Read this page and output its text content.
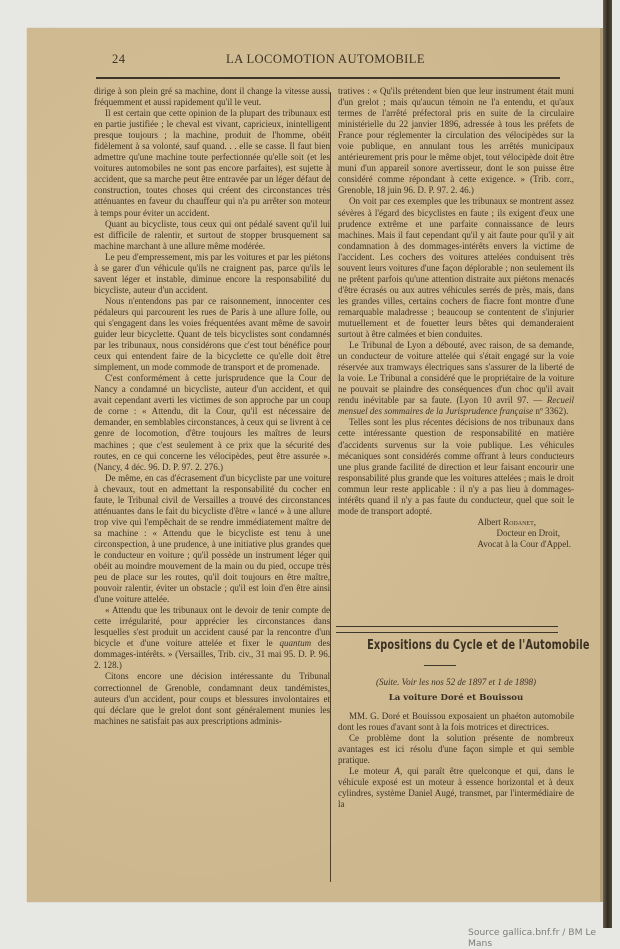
24	LA LOCOMOTION AUTOMOBILE

dirige à son plein gré sa machine, dont il change la vitesse aussi fréquemment et aussi rapidement qu'il le veut.

Il est certain que cette opinion de la plupart des tribunaux est en partie justifiée ; le cheval est vivant, capricieux, inintelligent presque toujours ; la machine, produit de l'homme, obéit fidèlement à sa volonté, sauf quand. . . elle se casse. Il faut bien admettre qu'une machine toute perfectionnée qu'elle soit (et les voitures automobiles ne sont pas encore parfaites), est sujette à accident, que sa marche peut être entravée par un léger défaut de construction, toutes choses qui créent des circonstances très atténuantes en faveur du chauffeur qui n'a pu arrêter son moteur à temps pour éviter un accident.

Quant au bicycliste, tous ceux qui ont pédalé savent qu'il lui est difficile de ralentir, et surtout de stopper brusquement sa machine marchant à une allure même modérée.

Le peu d'empressement, mis par les voitures et par les piétons à se garer d'un véhicule qu'ils ne craignent pas, parce qu'ils le savent léger et instable, diminue encore la responsabilité du bicycliste, auteur d'un accident.

Nous n'entendons pas par ce raisonnement, innocenter ces pédaleurs qui parcourent les rues de Paris à une allure folle, ou qui s'engagent dans les voies fréquentées avant même de savoir guider leur bicyclette. Quant de tels bicyclistes sont condamnés par les tribunaux, nous considérons que c'est tout bénéfice pour ceux qui entendent faire de la bicyclette ce qu'elle doit être simplement, un mode commode de transport et de promenade.

C'est conformément à cette jurisprudence que la Cour de Nancy a condamné un bicycliste, auteur d'un accident, et qui avait cependant averti les victimes de son approche par un coup de corne : « Attendu, dit la Cour, qu'il est nécessaire de demander, en semblables circonstances, à ceux qui se livrent à ce genre de locomotion, d'être toujours les maîtres de leurs machines ; que c'est seulement à ce prix que la sécurité des routes, en ce qui concerne les vélocipèdes, peut être assurée ». (Nancy, 4 déc. 96. D. P. 97. 2. 276.)

De même, en cas d'écrasement d'un bicycliste par une voiture à chevaux, tout en admettant la responsabilité du cocher en faute, le Tribunal civil de Versailles a trouvé des circonstances atténuantes dans le fait du bicycliste d'être « lancé » à une allure trop vive qui l'empêchait de se rendre immédiatement maître de sa machine : « Attendu que le bicycliste est tenu à une circonspection, à une prudence, à une initiative plus grandes que le conducteur en voiture ; qu'il possède un instrument léger qui obéit au moindre mouvement de la main ou du pied, occupe très peu de place sur les routes, qu'il doit toujours en être maître, pouvoir ralentir, éviter un obstacle ; qu'il est loin d'en être ainsi d'une voiture attelée.

« Attendu que les tribunaux ont le devoir de tenir compte de cette irrégularité, pour apprécier les circonstances dans lesquelles s'est produit un accident causé par la rencontre d'un bicycle et d'une voiture attelée et fixer le quantum des dommages-intérêts. » (Versailles, Trib. civ., 31 mai 95. D. P. 96. 2. 128.)

Citons encore une décision intéressante du Tribunal correctionnel de Grenoble, condamnant deux tandémistes, auteurs d'un accident, pour coups et blessures involontaires et qui déclare que le grelot dont sont généralement munies les machines ne satisfait pas aux prescriptions adminis-

tratives : « Qu'ils prétendent bien que leur instrument était muni d'un grelot ; mais qu'aucun témoin ne l'a entendu, et qu'aux termes de l'arrêté préfectoral pris en suite de la circulaire ministérielle du 22 janvier 1896, adressée à tous les préfets de France pour réglementer la circulation des vélocipèdes sur la voie publique, en annulant tous les arrêtés municipaux antérieurement pris pour le même objet, tout vélocipède doit être muni d'un appareil sonore avertisseur, dont le son puisse être considéré comme répondant à cette exigence. » (Trib. corr., Grenoble, 18 juin 96. D. P. 97. 2. 46.)

On voit par ces exemples que les tribunaux se montrent assez sévères à l'égard des bicyclistes en faute ; ils exigent d'eux une prudence extrême et une parfaite connaissance de leurs machines. Mais il faut cependant qu'il y ait faute pour qu'il y ait condamnation à des dommages-intérêts envers la victime de l'accident. Les cochers des voitures attelées conduisent très souvent leurs voitures d'une façon déplorable ; non seulement ils ne prêtent parfois qu'une attention distraite aux piétons menacés d'être écrasés ou aux autres véhicules serrés de près, mais, dans les grandes villes, certains cochers de fiacre font montre d'une remarquable maladresse ; beaucoup se contentent de s'injurier mutuellement et de fouetter leurs bêtes qui demanderaient surtout à être calmées et bien conduites.

Le Tribunal de Lyon a débouté, avec raison, de sa demande, un conducteur de voiture attelée qui s'était engagé sur la voie réservée aux tramways électriques sans s'assurer de la liberté de la voie. Le Tribunal a considéré que le propriétaire de la voiture ne pouvait se plaindre des conséquences d'un choc qu'il avait rendu inévitable par sa faute. (Lyon 10 avril 97. — Recueil mensuel des sommaires de la Jurisprudence française nº 3362).

Telles sont les plus récentes décisions de nos tribunaux dans cette intéressante question de responsabilité en matière d'accidents survenus sur la voie publique. Les véhicules mécaniques sont considérés comme offrant à leurs conducteurs une plus grande facilité de direction et leur faisant encourir une responsabilité plus grande que les voitures attelées ; mais le droit commun leur reste applicable : il n'y a pas lieu à dommages-intérêts quand il n'y a pas faute du conducteur, quel que soit le mode de transport adopté.

Albert Rodanet,

Docteur en Droit,

Avocat à la Cour d'Appel.

Expositions du Cycle et de l'Automobile

(Suite. Voir les nos 52 de 1897 et 1 de 1898)

La voiture Doré et Bouissou

MM. G. Doré et Bouissou exposaient un phaéton automobile dont les roues d'avant sont à la fois motrices et directrices.

Ce problème dont la solution présente de nombreux avantages est ici résolu d'une façon simple et qui semble pratique.

Le moteur A, qui paraît être quelconque et qui, dans le véhicule exposé est un moteur à essence horizontal et à deux cylindres, système Daniel Augé, transmet, par l'intermédiaire de la

Source gallica.bnf.fr / BM Le Mans
